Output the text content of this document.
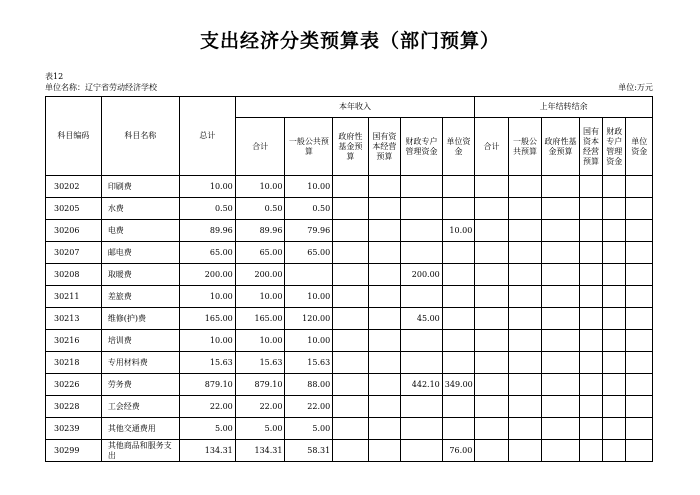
支出经济分类预算表（部门预算）
表12
单位名称：辽宁省劳动经济学校	单位:万元
科目编码	科目名称	总计	本年收入						上年结转结余					
			合计	一般公共预算	政府性基金预算	国有资本经营预算	财政专户管理资金	单位资金	合计	一般公共预算	政府性基金预算	国有资本经营预算	财政专户管理资金	单位资金
30202	印刷费	10.00	10.00	10.00										
30205	水费	0.50	0.50	0.50										
30206	电费	89.96	89.96	79.96				10.00						
30207	邮电费	65.00	65.00	65.00										
30208	取暖费	200.00	200.00				200.00							
30211	差旅费	10.00	10.00	10.00										
30213	维修(护)费	165.00	165.00	120.00			45.00							
30216	培训费	10.00	10.00	10.00										
30218	专用材料费	15.63	15.63	15.63										
30226	劳务费	879.10	879.10	88.00			442.10	349.00						
30228	工会经费	22.00	22.00	22.00										
30239	其他交通费用	5.00	5.00	5.00										
30299	其他商品和服务支出	134.31	134.31	58.31				76.00						
